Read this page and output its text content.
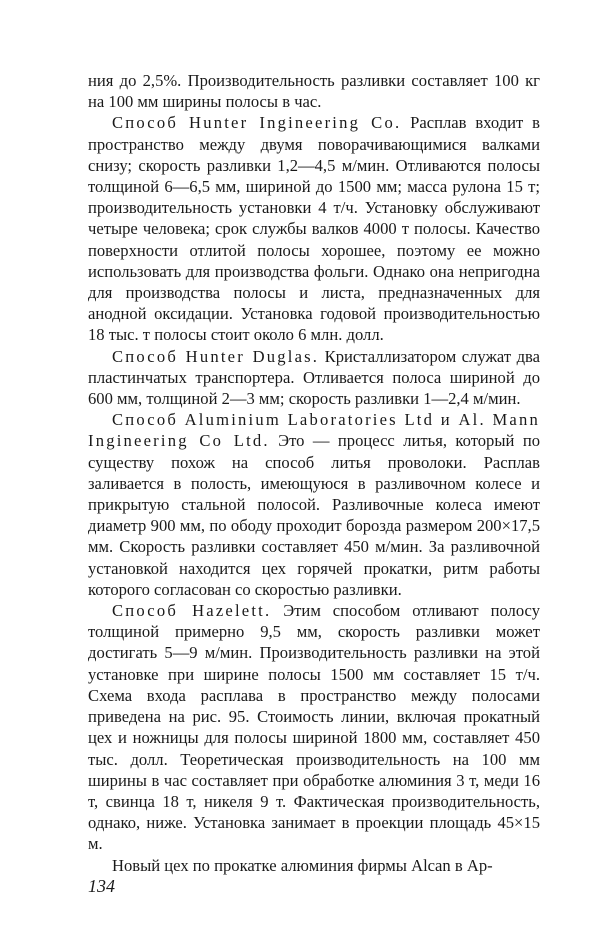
ния до 2,5%. Производительность разливки составляет 100 кг на 100 мм ширины полосы в час.

Способ Hunter Ingineering Co. Расплав входит в пространство между двумя поворачивающимися валками снизу; скорость разливки 1,2—4,5 м/мин. Отливаются полосы толщиной 6—6,5 мм, шириной до 1500 мм; масса рулона 15 т; производительность установки 4 т/ч. Установку обслуживают четыре человека; срок службы валков 4000 т полосы. Качество поверхности отлитой полосы хорошее, поэтому ее можно использовать для производства фольги. Однако она непригодна для производства полосы и листа, предназначенных для анодной оксидации. Установка годовой производительностью 18 тыс. т полосы стоит около 6 млн. долл.

Способ Hunter Duglas. Кристаллизатором служат два пластинчатых транспортера. Отливается полоса шириной до 600 мм, толщиной 2—3 мм; скорость разливки 1—2,4 м/мин.

Способ Aluminium Laboratories Ltd и Al. Mann Ingineering Co Ltd. Это — процесс литья, который по существу похож на способ литья проволоки. Расплав заливается в полость, имеющуюся в разливочном колесе и прикрытую стальной полосой. Разливочные колеса имеют диаметр 900 мм, по ободу проходит борозда размером 200×17,5 мм. Скорость разливки составляет 450 м/мин. За разливочной установкой находится цех горячей прокатки, ритм работы которого согласован со скоростью разливки.

Способ Hazelett. Этим способом отливают полосу толщиной примерно 9,5 мм, скорость разливки может достигать 5—9 м/мин. Производительность разливки на этой установке при ширине полосы 1500 мм составляет 15 т/ч. Схема входа расплава в пространство между полосами приведена на рис. 95. Стоимость линии, включая прокатный цех и ножницы для полосы шириной 1800 мм, составляет 450 тыс. долл. Теоретическая производительность на 100 мм ширины в час составляет при обработке алюминия 3 т, меди 16 т, свинца 18 т, никеля 9 т. Фактическая производительность, однако, ниже. Установка занимает в проекции площадь 45×15 м.

Новый цех по прокатке алюминия фирмы Alcan в Ар-

134
